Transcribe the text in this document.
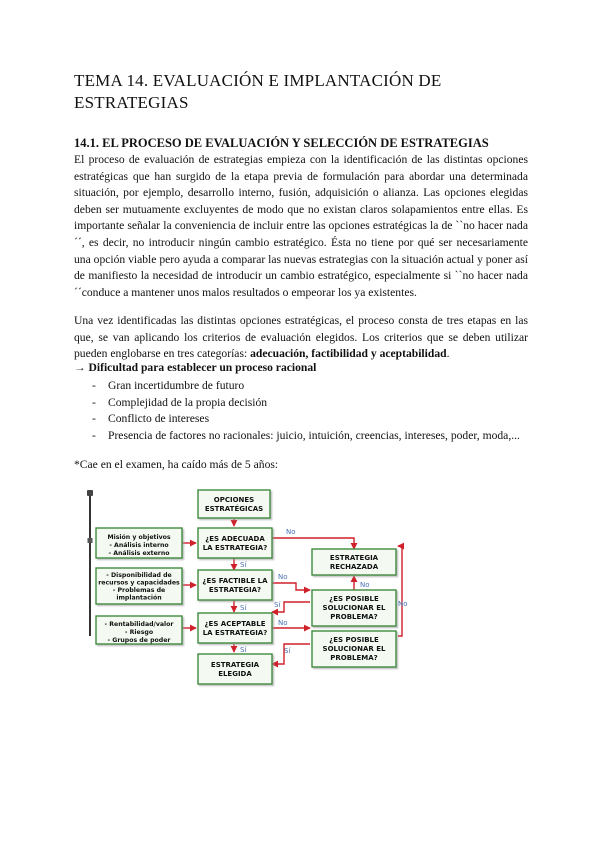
TEMA 14. EVALUACIÓN E IMPLANTACIÓN DE ESTRATEGIAS
14.1. EL PROCESO DE EVALUACIÓN Y SELECCIÓN DE ESTRATEGIAS
El proceso de evaluación de estrategias empieza con la identificación de las distintas opciones estratégicas que han surgido de la etapa previa de formulación para abordar una determinada situación, por ejemplo, desarrollo interno, fusión, adquisición o alianza. Las opciones elegidas deben ser mutuamente excluyentes de modo que no existan claros solapamientos entre ellas. Es importante señalar la conveniencia de incluir entre las opciones estratégicas la de ``no hacer nada´´, es decir, no introducir ningún cambio estratégico. Ésta no tiene por qué ser necesariamente una opción viable pero ayuda a comparar las nuevas estrategias con la situación actual y poner así de manifiesto la necesidad de introducir un cambio estratégico, especialmente si ``no hacer nada´´conduce a mantener unos malos resultados o empeorar los ya existentes.
Una vez identificadas las distintas opciones estratégicas, el proceso consta de tres etapas en las que, se van aplicando los criterios de evaluación elegidos. Los criterios que se deben utilizar pueden englobarse en tres categorías: adecuación, factibilidad y aceptabilidad.
→ Dificultad para establecer un proceso racional
- Gran incertidumbre de futuro
- Complejidad de la propia decisión
- Conflicto de intereses
- Presencia de factores no racionales: juicio, intuición, creencias, intereses, poder, moda,...
*Cae en el examen, ha caído más de 5 años:
OPCIONES ESTRATÉGICAS
¿ES ADECUADA LA ESTRATEGIA?
¿ES FACTIBLE LA ESTRATEGIA?
¿ES ACEPTABLE LA ESTRATEGIA?
ESTRATEGIA ELEGIDA
ESTRATEGIA RECHAZADA
¿ES POSIBLE SOLUCIONAR EL PROBLEMA?
¿ES POSIBLE SOLUCIONAR EL PROBLEMA?
Misión y objetivos - Análisis interno - Análisis externo
- Disponibilidad de recursos y capacidades - Problemas de implantación
- Rentabilidad/valor - Riesgo - Grupos de poder
No
Sí
No
Sí
Sí
No
Sí	Sí
No
No
